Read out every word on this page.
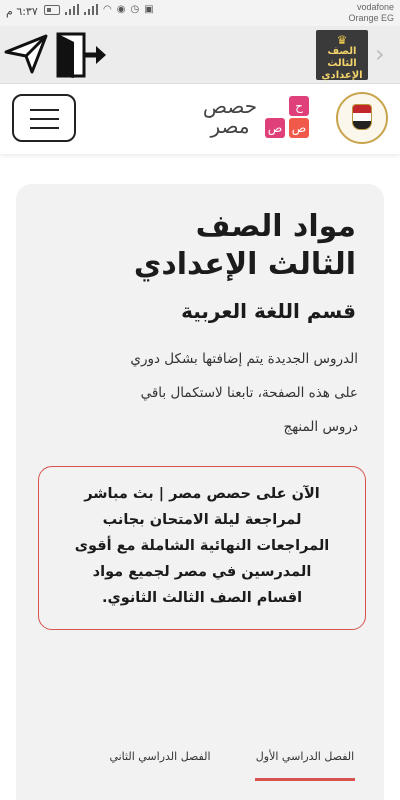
٦:٣٧ م	◠ ◉ ◷ ▣	vodafone
Orange EG
♛
الصف الثالث
الإعدادي
›
حصص
مصر
ح
ص ص
مواد الصف
الثالث الإعدادي
قسم اللغة العربية
الدروس الجديدة يتم إضافتها بشكل دوري
على هذه الصفحة، تابعنا لاستكمال باقي
دروس المنهج
الآن على حصص مصر | بث مباشر
لمراجعة ليلة الامتحان بجانب
المراجعات النهائية الشاملة مع أقوى
المدرسين في مصر لجميع مواد
اقسام الصف الثالث الثانوي.
الفصل الدراسي الأول
الفصل الدراسي الثاني
